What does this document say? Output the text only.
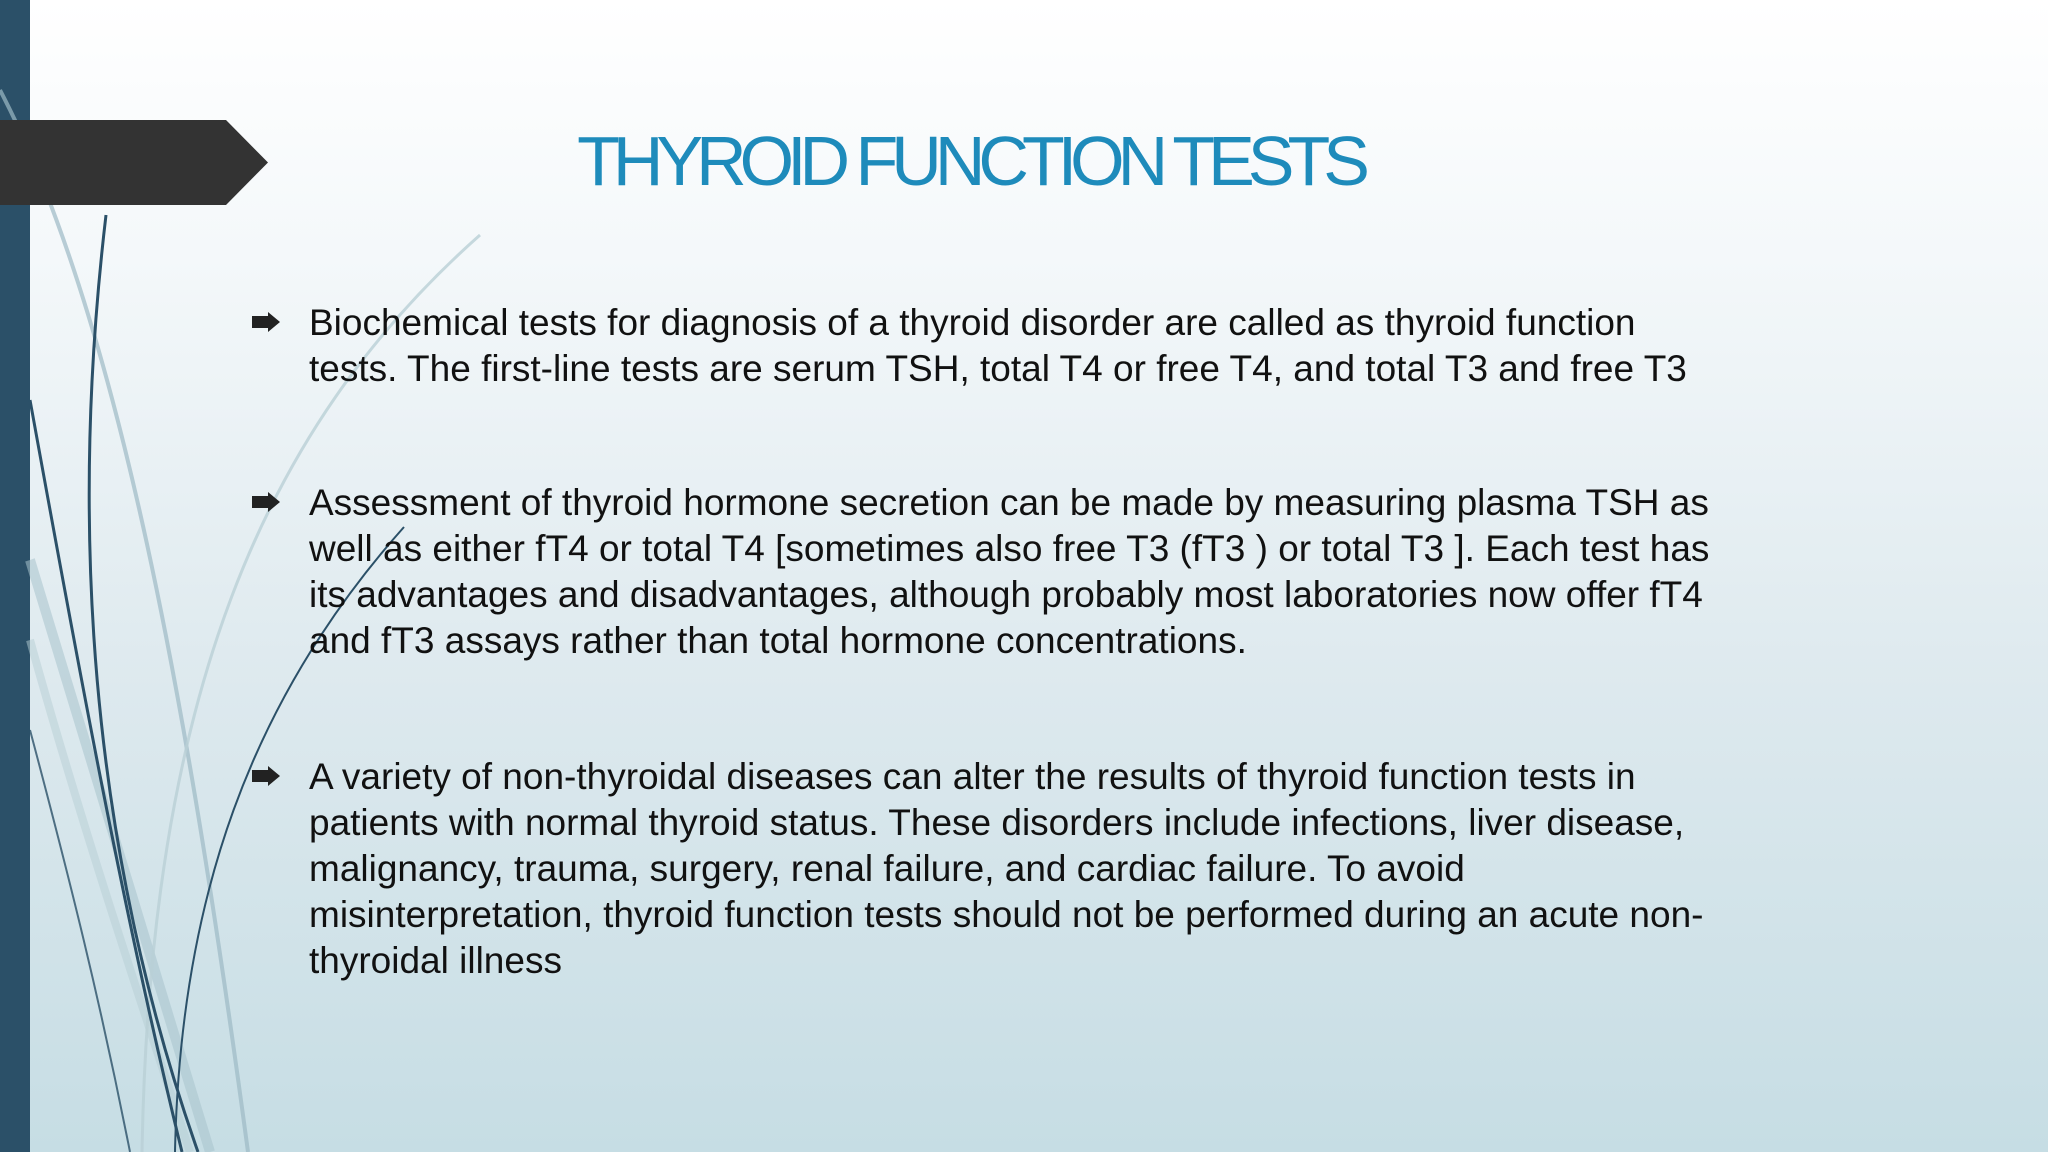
THYROID FUNCTION TESTS
Biochemical tests for diagnosis of a thyroid disorder are called as thyroid function tests. The first-line tests are serum TSH, total T4 or free T4, and total T3 and free T3
Assessment of thyroid hormone secretion can be made by measuring plasma TSH as well as either fT4 or total T4 [sometimes also free T3 (fT3 ) or total T3 ]. Each test has its advantages and disadvantages, although probably most laboratories now offer fT4 and fT3 assays rather than total hormone concentrations.
A variety of non-thyroidal diseases can alter the results of thyroid function tests in patients with normal thyroid status. These disorders include infections, liver disease, malignancy, trauma, surgery, renal failure, and cardiac failure. To avoid misinterpretation, thyroid function tests should not be performed during an acute non-thyroidal illness
